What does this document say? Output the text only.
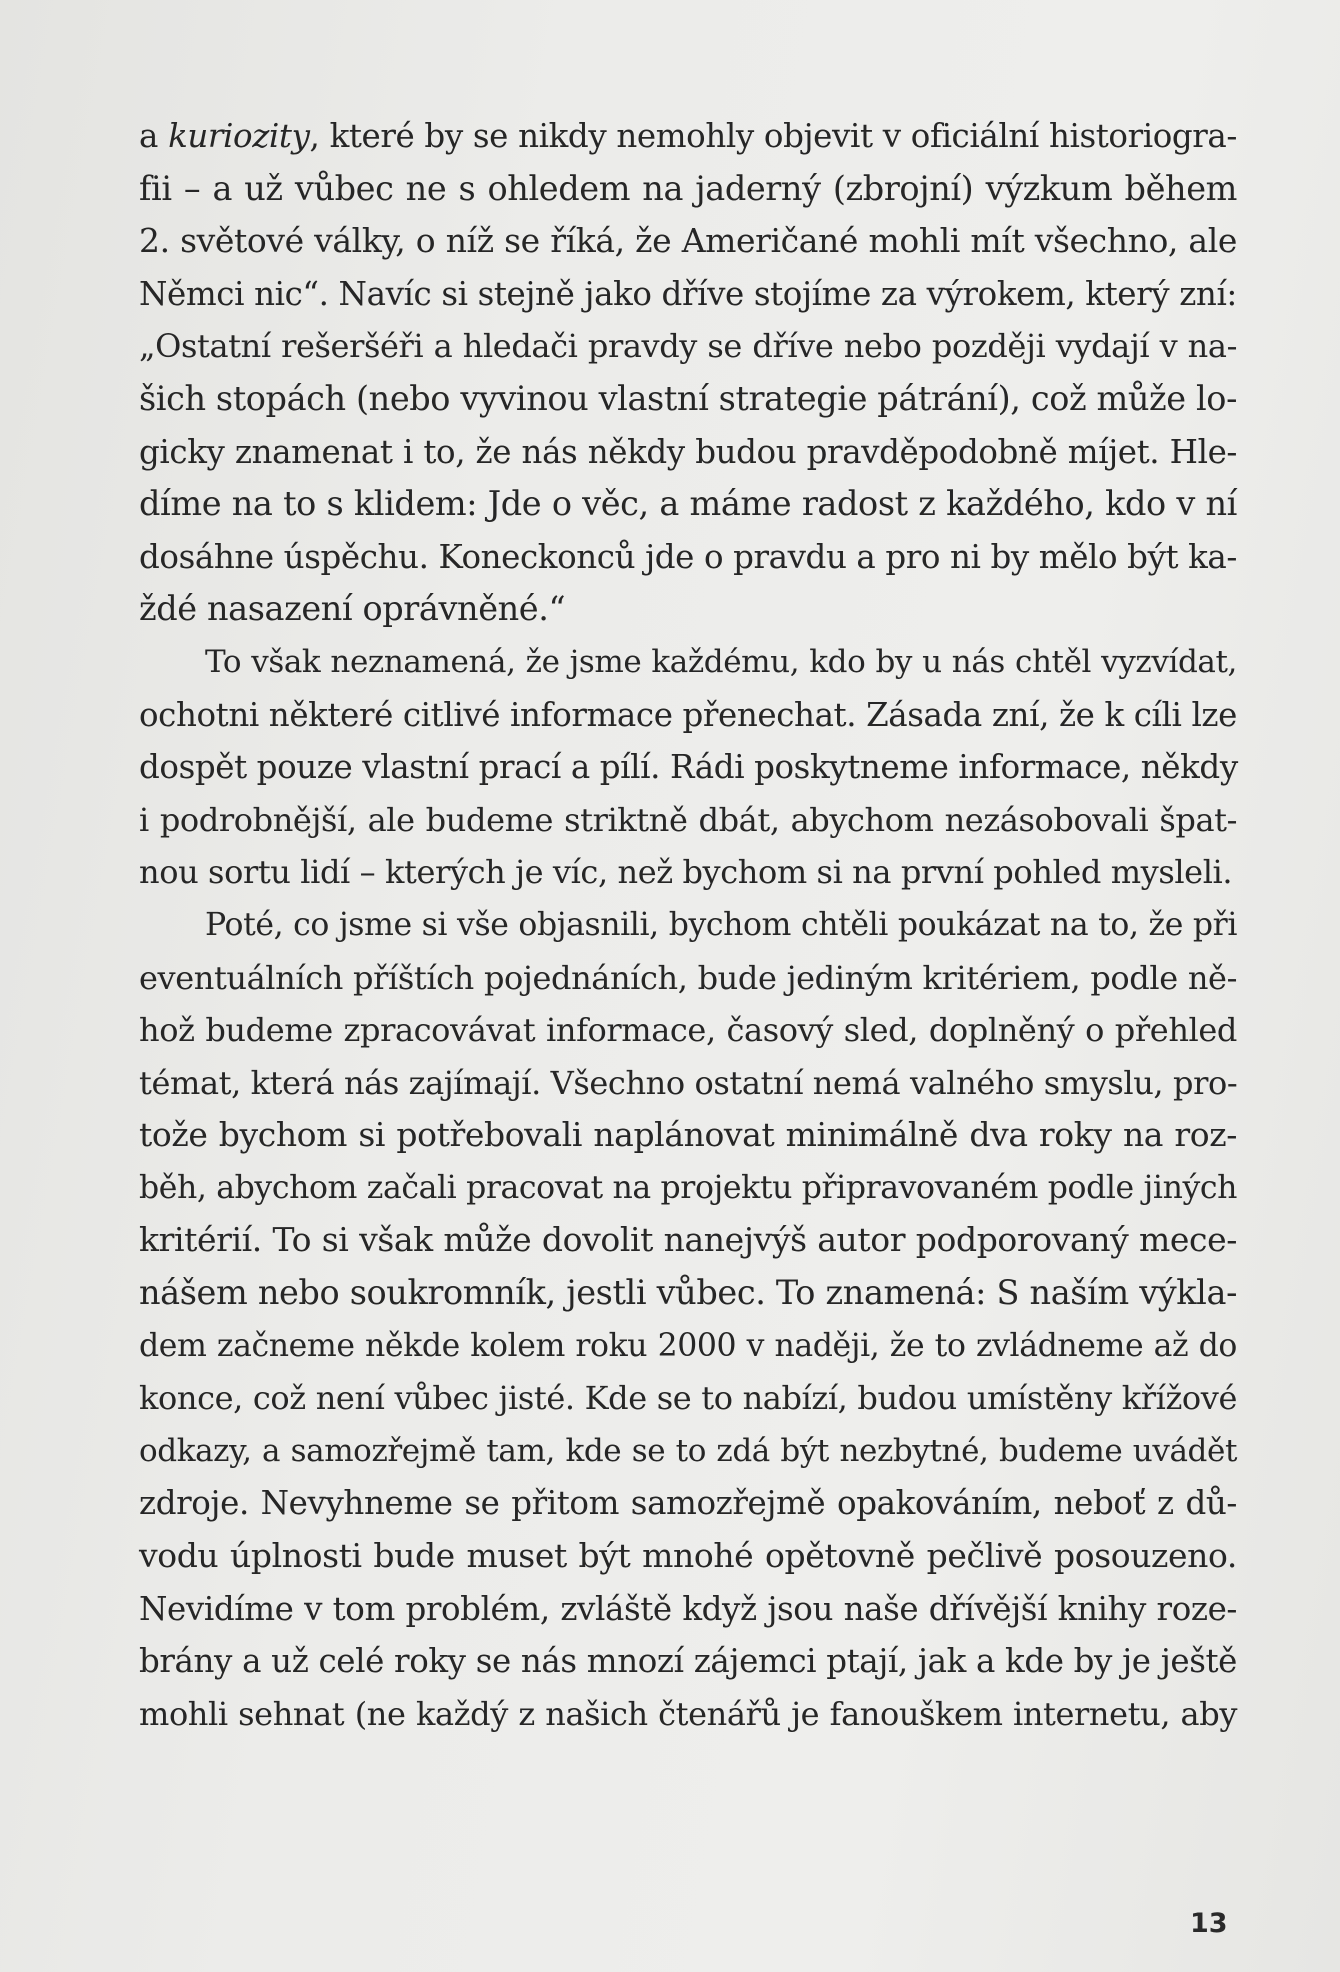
a kuriozity, které by se nikdy nemohly objevit v oficiální historiogra-
fii – a už vůbec ne s ohledem na jaderný (zbrojní) výzkum během
2. světové války, o níž se říká, že Američané mohli mít všechno, ale
Němci nic“. Navíc si stejně jako dříve stojíme za výrokem, který zní:
„Ostatní rešeršéři a hledači pravdy se dříve nebo později vydají v na-
šich stopách (nebo vyvinou vlastní strategie pátrání), což může lo-
gicky znamenat i to, že nás někdy budou pravděpodobně míjet. Hle-
díme na to s klidem: Jde o věc, a máme radost z každého, kdo v ní
dosáhne úspěchu. Koneckonců jde o pravdu a pro ni by mělo být ka-
ždé nasazení oprávněné.“
To však neznamená, že jsme každému, kdo by u nás chtěl vyzvídat,
ochotni některé citlivé informace přenechat. Zásada zní, že k cíli lze
dospět pouze vlastní prací a pílí. Rádi poskytneme informace, někdy
i podrobnější, ale budeme striktně dbát, abychom nezásobovali špat-
nou sortu lidí – kterých je víc, než bychom si na první pohled mysleli.
Poté, co jsme si vše objasnili, bychom chtěli poukázat na to, že při
eventuálních příštích pojednáních, bude jediným kritériem, podle ně-
hož budeme zpracovávat informace, časový sled, doplněný o přehled
témat, která nás zajímají. Všechno ostatní nemá valného smyslu, pro-
tože bychom si potřebovali naplánovat minimálně dva roky na roz-
běh, abychom začali pracovat na projektu připravovaném podle jiných
kritérií. To si však může dovolit nanejvýš autor podporovaný mece-
nášem nebo soukromník, jestli vůbec. To znamená: S naším výkla-
dem začneme někde kolem roku 2000 v naději, že to zvládneme až do
konce, což není vůbec jisté. Kde se to nabízí, budou umístěny křížové
odkazy, a samozřejmě tam, kde se to zdá být nezbytné, budeme uvádět
zdroje. Nevyhneme se přitom samozřejmě opakováním, neboť z dů-
vodu úplnosti bude muset být mnohé opětovně pečlivě posouzeno.
Nevidíme v tom problém, zvláště když jsou naše dřívější knihy roze-
brány a už celé roky se nás mnozí zájemci ptají, jak a kde by je ještě
mohli sehnat (ne každý z našich čtenářů je fanouškem internetu, aby
13
